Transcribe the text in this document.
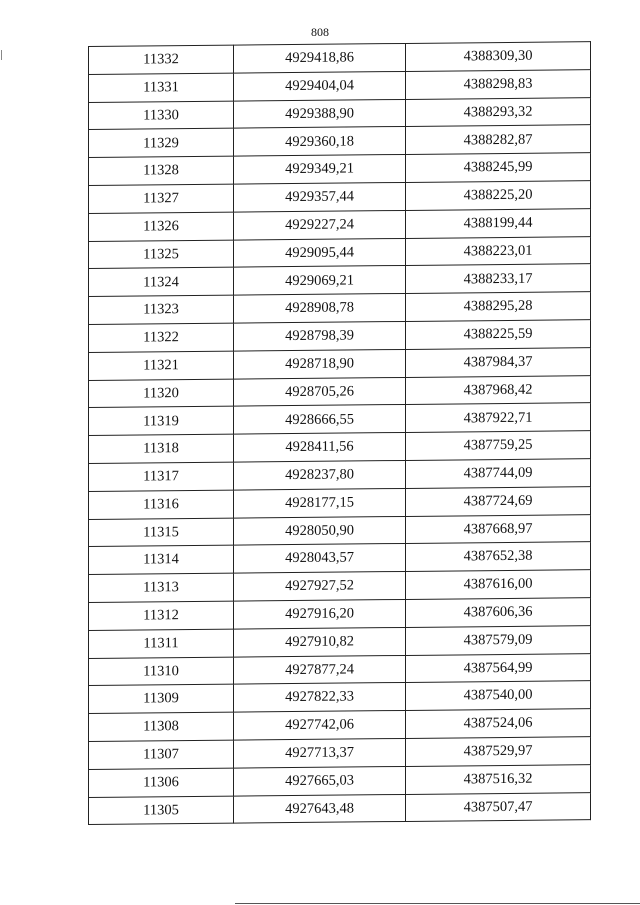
808
11332	4929418,86	4388309,30
11331	4929404,04	4388298,83
11330	4929388,90	4388293,32
11329	4929360,18	4388282,87
11328	4929349,21	4388245,99
11327	4929357,44	4388225,20
11326	4929227,24	4388199,44
11325	4929095,44	4388223,01
11324	4929069,21	4388233,17
11323	4928908,78	4388295,28
11322	4928798,39	4388225,59
11321	4928718,90	4387984,37
11320	4928705,26	4387968,42
11319	4928666,55	4387922,71
11318	4928411,56	4387759,25
11317	4928237,80	4387744,09
11316	4928177,15	4387724,69
11315	4928050,90	4387668,97
11314	4928043,57	4387652,38
11313	4927927,52	4387616,00
11312	4927916,20	4387606,36
11311	4927910,82	4387579,09
11310	4927877,24	4387564,99
11309	4927822,33	4387540,00
11308	4927742,06	4387524,06
11307	4927713,37	4387529,97
11306	4927665,03	4387516,32
11305	4927643,48	4387507,47
